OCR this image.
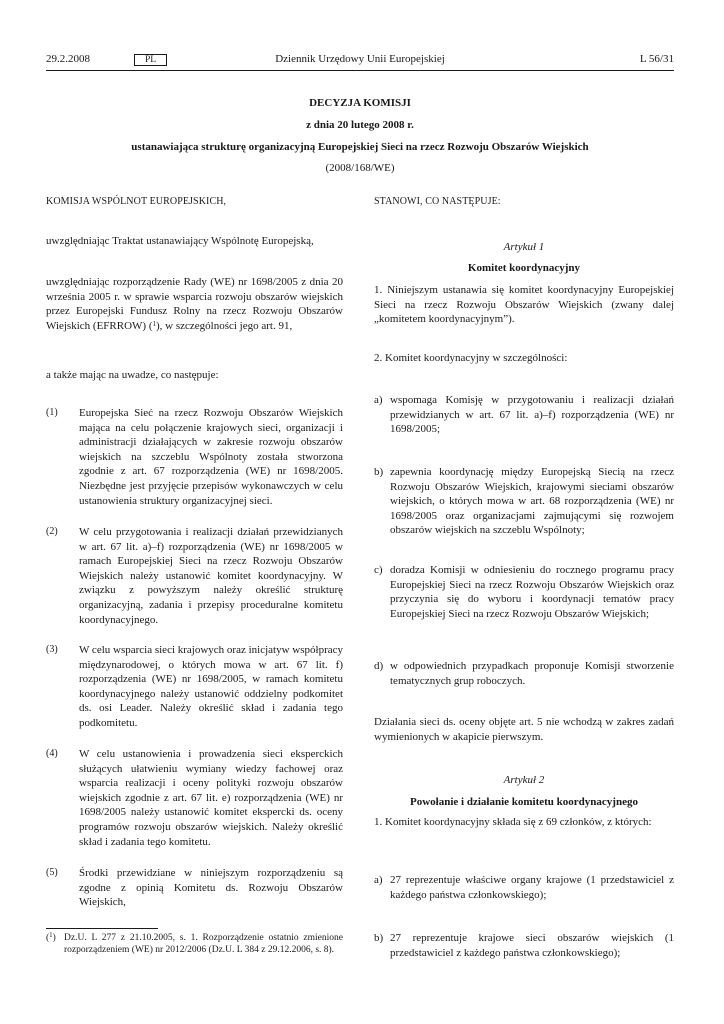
29.2.2008	PL	Dziennik Urzędowy Unii Europejskiej	L 56/31
DECYZJA KOMISJI
z dnia 20 lutego 2008 r.
ustanawiająca strukturę organizacyjną Europejskiej Sieci na rzecz Rozwoju Obszarów Wiejskich
(2008/168/WE)
KOMISJA WSPÓLNOT EUROPEJSKICH,
uwzględniając Traktat ustanawiający Wspólnotę Europejską,
uwzględniając rozporządzenie Rady (WE) nr 1698/2005 z dnia 20 września 2005 r. w sprawie wsparcia rozwoju obszarów wiejskich przez Europejski Fundusz Rolny na rzecz Rozwoju Obszarów Wiejskich (EFRROW) ($^1$), w szczególności jego art. 91,
a także mając na uwadze, co następuje:
(1) Europejska Sieć na rzecz Rozwoju Obszarów Wiejskich mająca na celu połączenie krajowych sieci, organizacji i administracji działających w zakresie rozwoju obszarów wiejskich na szczeblu Wspólnoty została stworzona zgodnie z art. 67 rozporządzenia (WE) nr 1698/2005. Niezbędne jest przyjęcie przepisów wykonawczych w celu ustanowienia struktury organizacyjnej sieci.
(2) W celu przygotowania i realizacji działań przewidzianych w art. 67 lit. a)–f) rozporządzenia (WE) nr 1698/2005 w ramach Europejskiej Sieci na rzecz Rozwoju Obszarów Wiejskich należy ustanowić komitet koordynacyjny. W związku z powyższym należy określić strukturę organizacyjną, zadania i przepisy proceduralne komitetu koordynacyjnego.
(3) W celu wsparcia sieci krajowych oraz inicjatyw współpracy międzynarodowej, o których mowa w art. 67 lit. f) rozporządzenia (WE) nr 1698/2005, w ramach komitetu koordynacyjnego należy ustanowić oddzielny podkomitet ds. osi Leader. Należy określić skład i zadania tego podkomitetu.
(4) W celu ustanowienia i prowadzenia sieci eksperckich służących ułatwieniu wymiany wiedzy fachowej oraz wsparcia realizacji i oceny polityki rozwoju obszarów wiejskich zgodnie z art. 67 lit. e) rozporządzenia (WE) nr 1698/2005 należy ustanowić komitet ekspercki ds. oceny programów rozwoju obszarów wiejskich. Należy określić skład i zadania tego komitetu.
(5) Środki przewidziane w niniejszym rozporządzeniu są zgodne z opinią Komitetu ds. Rozwoju Obszarów Wiejskich,
($^1$) Dz.U. L 277 z 21.10.2005, s. 1. Rozporządzenie ostatnio zmienione rozporządzeniem (WE) nr 2012/2006 (Dz.U. L 384 z 29.12.2006, s. 8).
STANOWI, CO NASTĘPUJE:
Artykuł 1
Komitet koordynacyjny
1. Niniejszym ustanawia się komitet koordynacyjny Europejskiej Sieci na rzecz Rozwoju Obszarów Wiejskich (zwany dalej „komitetem koordynacyjnym”).
2. Komitet koordynacyjny w szczególności:
a) wspomaga Komisję w przygotowaniu i realizacji działań przewidzianych w art. 67 lit. a)–f) rozporządzenia (WE) nr 1698/2005;
b) zapewnia koordynację między Europejską Siecią na rzecz Rozwoju Obszarów Wiejskich, krajowymi sieciami obszarów wiejskich, o których mowa w art. 68 rozporządzenia (WE) nr 1698/2005 oraz organizacjami zajmującymi się rozwojem obszarów wiejskich na szczeblu Wspólnoty;
c) doradza Komisji w odniesieniu do rocznego programu pracy Europejskiej Sieci na rzecz Rozwoju Obszarów Wiejskich oraz przyczynia się do wyboru i koordynacji tematów pracy Europejskiej Sieci na rzecz Rozwoju Obszarów Wiejskich;
d) w odpowiednich przypadkach proponuje Komisji stworzenie tematycznych grup roboczych.
Działania sieci ds. oceny objęte art. 5 nie wchodzą w zakres zadań wymienionych w akapicie pierwszym.
Artykuł 2
Powołanie i działanie komitetu koordynacyjnego
1. Komitet koordynacyjny składa się z 69 członków, z których:
a) 27 reprezentuje właściwe organy krajowe (1 przedstawiciel z każdego państwa członkowskiego);
b) 27 reprezentuje krajowe sieci obszarów wiejskich (1 przedstawiciel z każdego państwa członkowskiego);
